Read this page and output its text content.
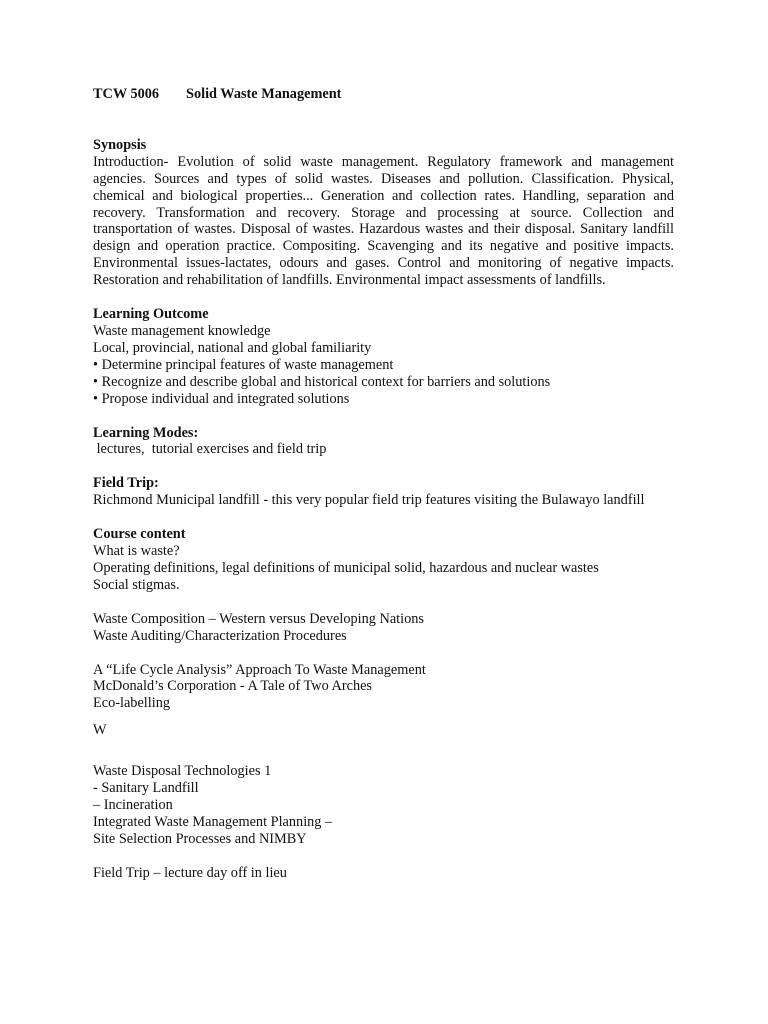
TCW 5006	Solid Waste Management
Synopsis

Introduction- Evolution of solid waste management. Regulatory framework and management agencies. Sources and types of solid wastes. Diseases and pollution. Classification. Physical, chemical and biological properties... Generation and collection rates. Handling, separation and recovery. Transformation and recovery. Storage and processing at source. Collection and transportation of wastes. Disposal of wastes. Hazardous wastes and their disposal. Sanitary landfill design and operation practice. Compositing. Scavenging and its negative and positive impacts. Environmental issues-lactates, odours and gases. Control and monitoring of negative impacts. Restoration and rehabilitation of landfills. Environmental impact assessments of landfills.

Learning Outcome
Waste management knowledge
Local, provincial, national and global familiarity
• Determine principal features of waste management
• Recognize and describe global and historical context for barriers and solutions
• Propose individual and integrated solutions
Learning Modes:

lectures,  tutorial exercises and field trip

Field Trip:

Richmond Municipal landfill - this very popular field trip features visiting the Bulawayo landfill

Course content
What is waste?
Operating definitions, legal definitions of municipal solid, hazardous and nuclear wastes
Social stigmas.
Waste Composition – Western versus Developing Nations
Waste Auditing/Characterization Procedures
A “Life Cycle Analysis” Approach To Waste Management
McDonald’s Corporation - A Tale of Two Arches
Eco-labelling
W
Waste Disposal Technologies 1
- Sanitary Landfill
– Incineration
Integrated Waste Management Planning –
Site Selection Processes and NIMBY
Field Trip – lecture day off in lieu
